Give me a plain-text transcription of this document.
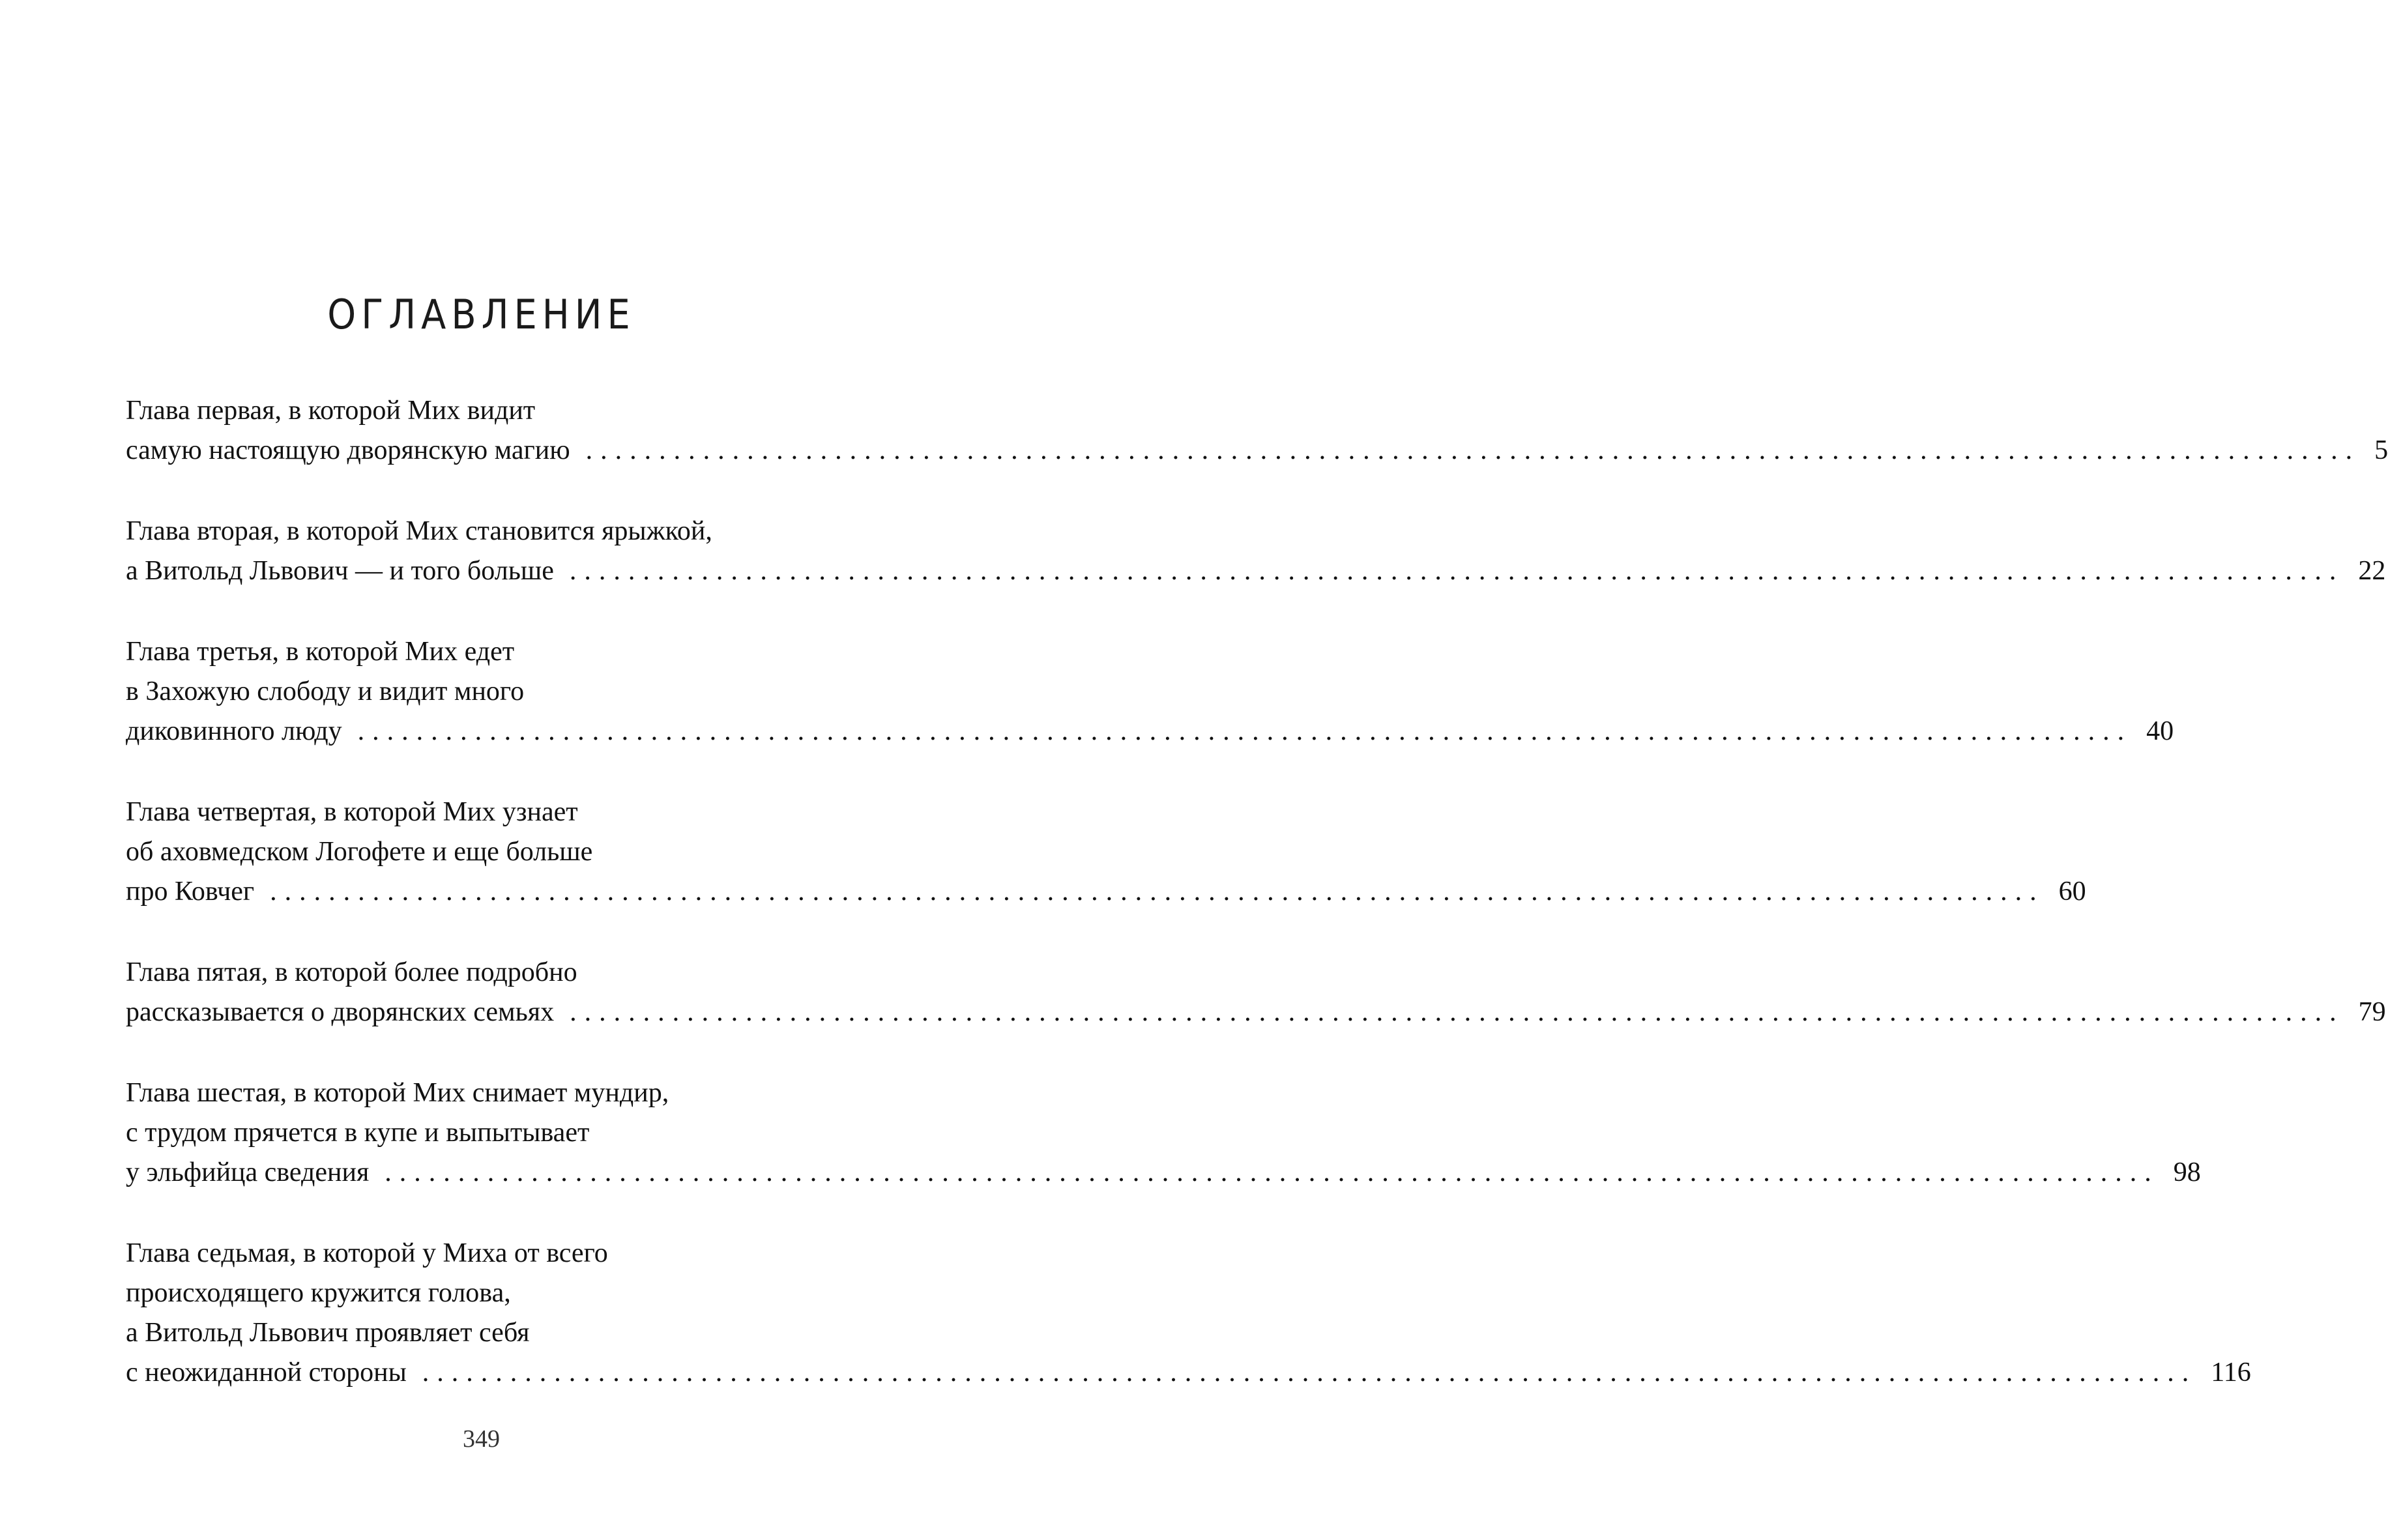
ОГЛАВЛЕНИЕ
Глава первая, в которой Мих видит
самую настоящую дворянскую магию ......................................................................................................................... 5
Глава вторая, в которой Мих становится ярыжкой,
а Витольд Львович — и того больше ......................................................................................................................... 22
Глава третья, в которой Мих едет
в Захожую слободу и видит много
диковинного люду ......................................................................................................................... 40
Глава четвертая, в которой Мих узнает
об аховмедском Логофете и еще больше
про Ковчег ......................................................................................................................... 60
Глава пятая, в которой более подробно
рассказывается о дворянских семьях ......................................................................................................................... 79
Глава шестая, в которой Мих снимает мундир,
с трудом прячется в купе и выпытывает
у эльфийца сведения ......................................................................................................................... 98
Глава седьмая, в которой у Миха от всего
происходящего кружится голова,
а Витольд Львович проявляет себя
с неожиданной стороны ......................................................................................................................... 116
349
